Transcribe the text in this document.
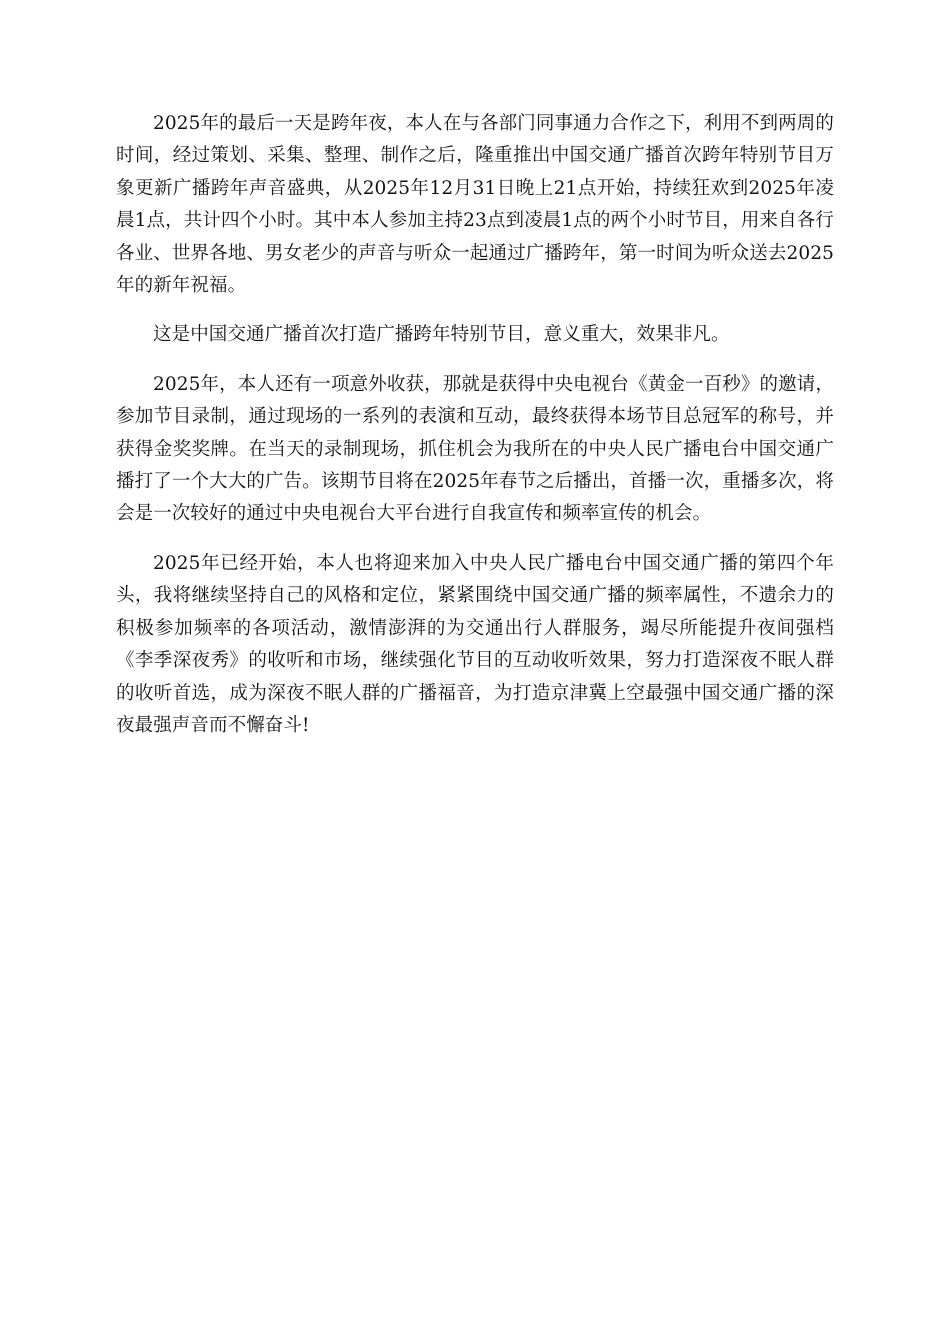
2025年的最后一天是跨年夜，本人在与各部门同事通力合作之下，利用不到两周的时间，经过策划、采集、整理、制作之后，隆重推出中国交通广播首次跨年特别节目万象更新广播跨年声音盛典，从2025年12月31日晚上21点开始，持续狂欢到2025年凌晨1点，共计四个小时。其中本人参加主持23点到凌晨1点的两个小时节目，用来自各行各业、世界各地、男女老少的声音与听众一起通过广播跨年，第一时间为听众送去2025年的新年祝福。

这是中国交通广播首次打造广播跨年特别节目，意义重大，效果非凡。

2025年，本人还有一项意外收获，那就是获得中央电视台《黄金一百秒》的邀请，参加节目录制，通过现场的一系列的表演和互动，最终获得本场节目总冠军的称号，并获得金奖奖牌。在当天的录制现场，抓住机会为我所在的中央人民广播电台中国交通广播打了一个大大的广告。该期节目将在2025年春节之后播出，首播一次，重播多次，将会是一次较好的通过中央电视台大平台进行自我宣传和频率宣传的机会。

2025年已经开始，本人也将迎来加入中央人民广播电台中国交通广播的第四个年头，我将继续坚持自己的风格和定位，紧紧围绕中国交通广播的频率属性，不遗余力的积极参加频率的各项活动，激情澎湃的为交通出行人群服务，竭尽所能提升夜间强档《李季深夜秀》的收听和市场，继续强化节目的互动收听效果，努力打造深夜不眠人群的收听首选，成为深夜不眠人群的广播福音，为打造京津冀上空最强中国交通广播的深夜最强声音而不懈奋斗!
